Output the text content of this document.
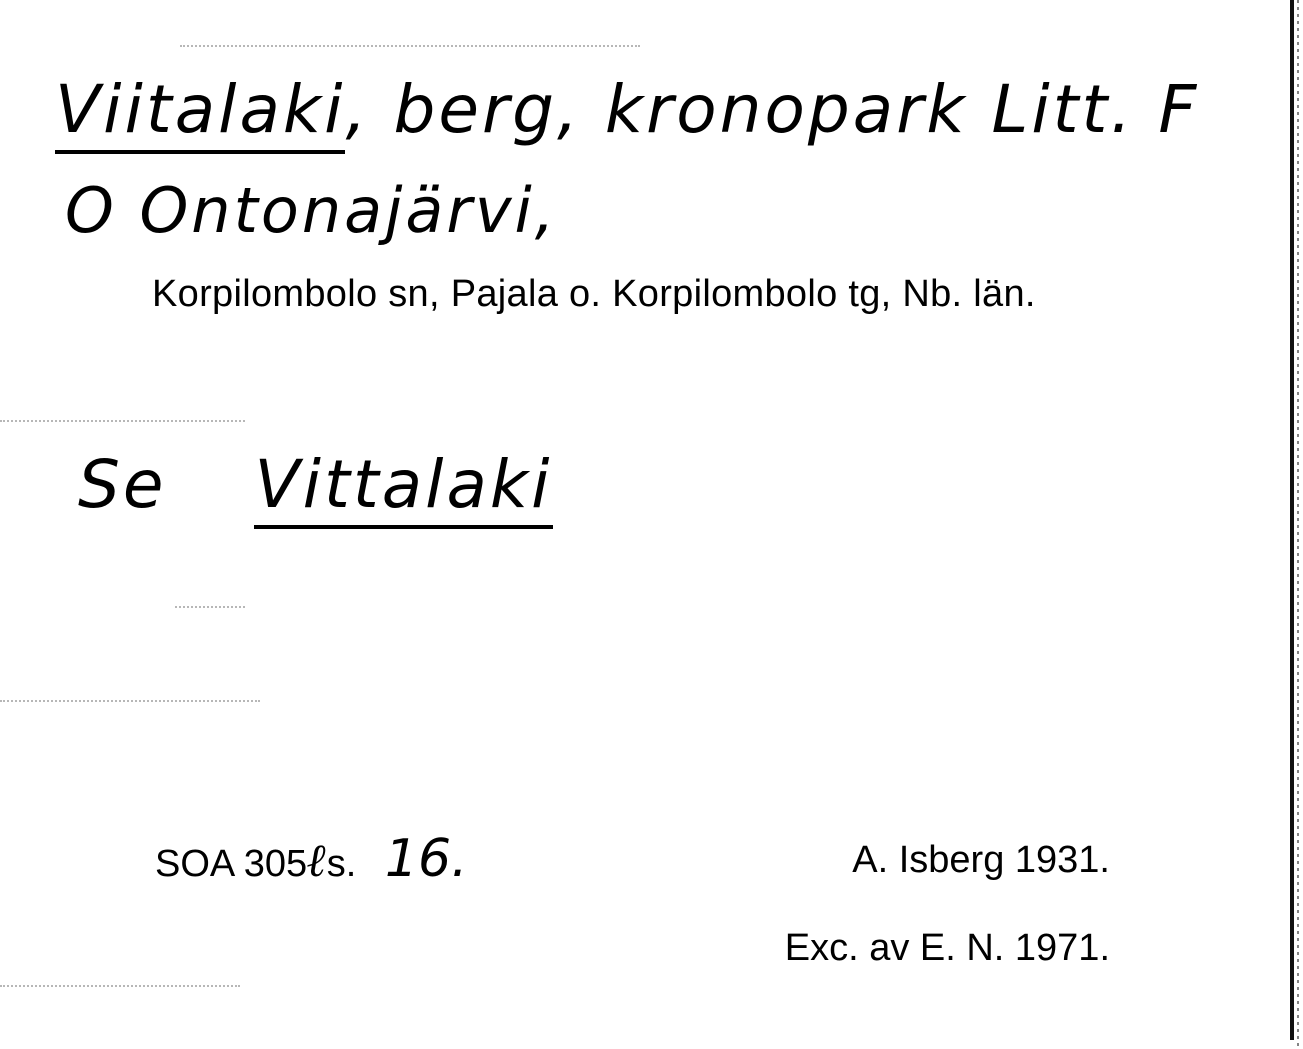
Viitalaki, berg, kronopark Litt. F
O Ontonajärvi,
Korpilombolo sn, Pajala o. Korpilombolo tg, Nb. län.
Se Vittalaki
SOA 305ℓs. 16.	A. Isberg 1931.
Exc. av E. N. 1971.
